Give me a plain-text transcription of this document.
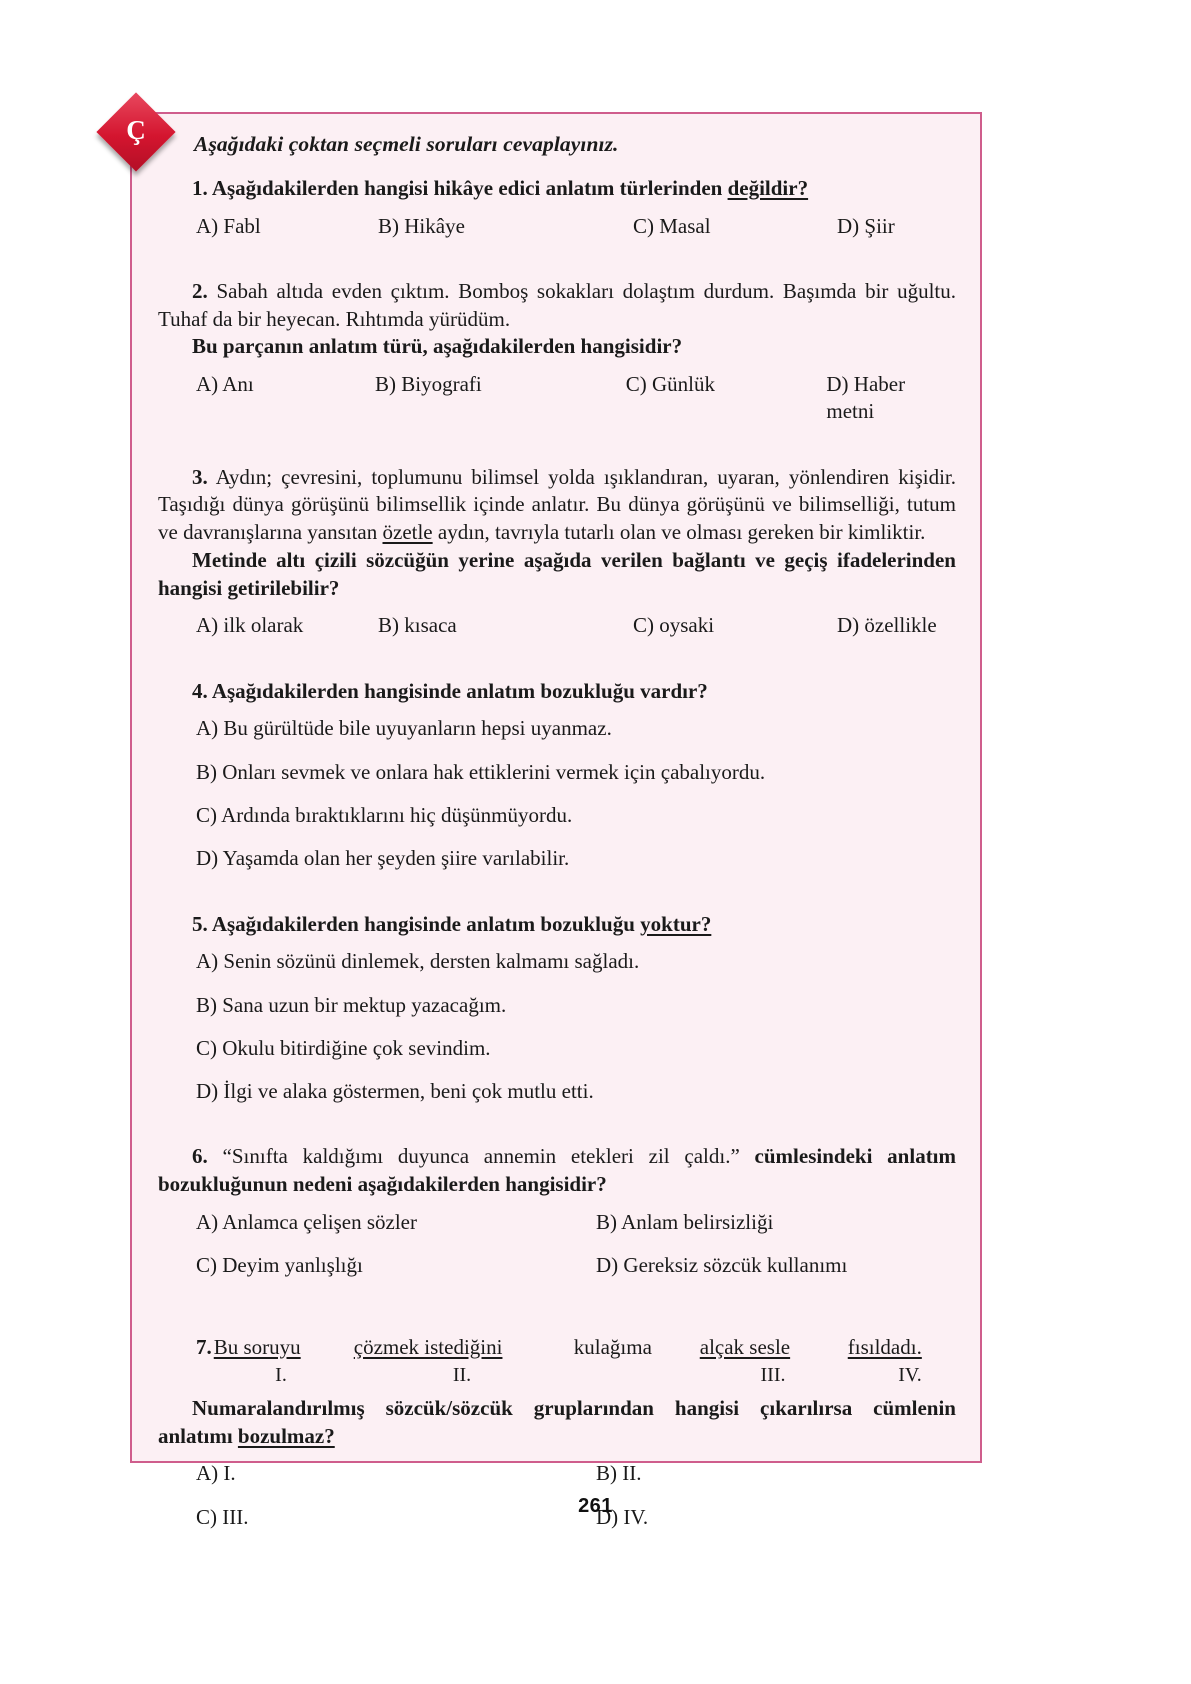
Ç	Aşağıdaki çoktan seçmeli soruları cevaplayınız.
1. Aşağıdakilerden hangisi hikâye edici anlatım türlerinden değildir?
A) Fabl	B) Hikâye	C) Masal	D) Şiir
2. Sabah altıda evden çıktım. Bomboş sokakları dolaştım durdum. Başımda bir uğultu. Tuhaf da bir heyecan. Rıhtımda yürüdüm.
Bu parçanın anlatım türü, aşağıdakilerden hangisidir?
A) Anı	B) Biyografi	C) Günlük	D) Haber metni
3. Aydın; çevresini, toplumunu bilimsel yolda ışıklandıran, uyaran, yönlendiren kişidir. Taşıdığı dünya görüşünü bilimsellik içinde anlatır. Bu dünya görüşünü ve bilimselliği, tutum ve davranışlarına yansıtan özetle aydın, tavrıyla tutarlı olan ve olması gereken bir kimliktir.
Metinde altı çizili sözcüğün yerine aşağıda verilen bağlantı ve geçiş ifadelerinden hangisi getirilebilir?
A) ilk olarak	B) kısaca	C) oysaki	D) özellikle
4. Aşağıdakilerden hangisinde anlatım bozukluğu vardır?
A) Bu gürültüde bile uyuyanların hepsi uyanmaz.
B) Onları sevmek ve onlara hak ettiklerini vermek için çabalıyordu.
C) Ardında bıraktıklarını hiç düşünmüyordu.
D) Yaşamda olan her şeyden şiire varılabilir.
5. Aşağıdakilerden hangisinde anlatım bozukluğu yoktur?
A) Senin sözünü dinlemek, dersten kalmamı sağladı.
B) Sana uzun bir mektup yazacağım.
C) Okulu bitirdiğine çok sevindim.
D) İlgi ve alaka göstermen, beni çok mutlu etti.
6. “Sınıfta kaldığımı duyunca annemin etekleri zil çaldı.” cümlesindeki anlatım bozukluğunun nedeni aşağıdakilerden hangisidir?
A) Anlamca çelişen sözler	B) Anlam belirsizliği
C) Deyim yanlışlığı	D) Gereksiz sözcük kullanımı
7.Bu soruyu	çözmek istediğini	kulağıma alçak sesle	fısıldadı.
I.	II.	III.	IV.
Numaralandırılmış sözcük/sözcük gruplarından hangisi çıkarılırsa cümlenin anlatımı bozulmaz?
A) I.	B) II.
C) III.	D) IV.
261
